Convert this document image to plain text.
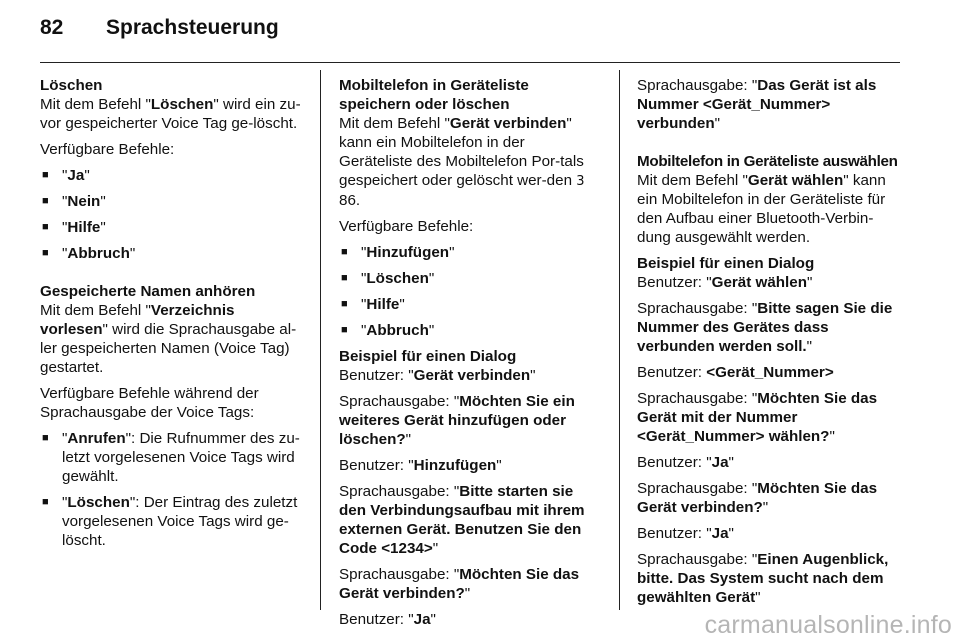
82 Sprachsteuerung
Löschen
Mit dem Befehl "Löschen" wird ein zu-vor gespeicherter Voice Tag ge-löscht.
Verfügbare Befehle:
■ "Ja"
■ "Nein"
■ "Hilfe"
■ "Abbruch"
Gespeicherte Namen anhören
Mit dem Befehl "Verzeichnis vorlesen" wird die Sprachausgabe al-ler gespeicherten Namen (Voice Tag) gestartet.
Verfügbare Befehle während der Sprachausgabe der Voice Tags:
■ "Anrufen": Die Rufnummer des zu-letzt vorgelesenen Voice Tags wird gewählt.
■ "Löschen": Der Eintrag des zuletzt vorgelesenen Voice Tags wird ge-löscht.
Mobiltelefon in Geräteliste speichern oder löschen
Mit dem Befehl "Gerät verbinden" kann ein Mobiltelefon in der Geräteliste des Mobiltelefon Por-tals gespeichert oder gelöscht wer-den 3 86.
Verfügbare Befehle:
■ "Hinzufügen"
■ "Löschen"
■ "Hilfe"
■ "Abbruch"
Beispiel für einen Dialog
Benutzer: "Gerät verbinden"
Sprachausgabe: "Möchten Sie ein weiteres Gerät hinzufügen oder löschen?"
Benutzer: "Hinzufügen"
Sprachausgabe: "Bitte starten sie den Verbindungsaufbau mit ihrem externen Gerät. Benutzen Sie den Code <1234>"
Sprachausgabe: "Möchten Sie das Gerät verbinden?"
Benutzer: "Ja"
Sprachausgabe: "Das Gerät ist als Nummer <Gerät_Nummer> verbunden"
Mobiltelefon in Geräteliste auswählen
Mit dem Befehl "Gerät wählen" kann ein Mobiltelefon in der Geräteliste für den Aufbau einer Bluetooth-Verbin-dung ausgewählt werden.
Beispiel für einen Dialog
Benutzer: "Gerät wählen"
Sprachausgabe: "Bitte sagen Sie die Nummer des Gerätes dass verbunden werden soll."
Benutzer: <Gerät_Nummer>
Sprachausgabe: "Möchten Sie das Gerät mit der Nummer <Gerät_Nummer> wählen?"
Benutzer: "Ja"
Sprachausgabe: "Möchten Sie das Gerät verbinden?"
Benutzer: "Ja"
Sprachausgabe: "Einen Augenblick, bitte. Das System sucht nach dem gewählten Gerät"
carmanualsonline.info
